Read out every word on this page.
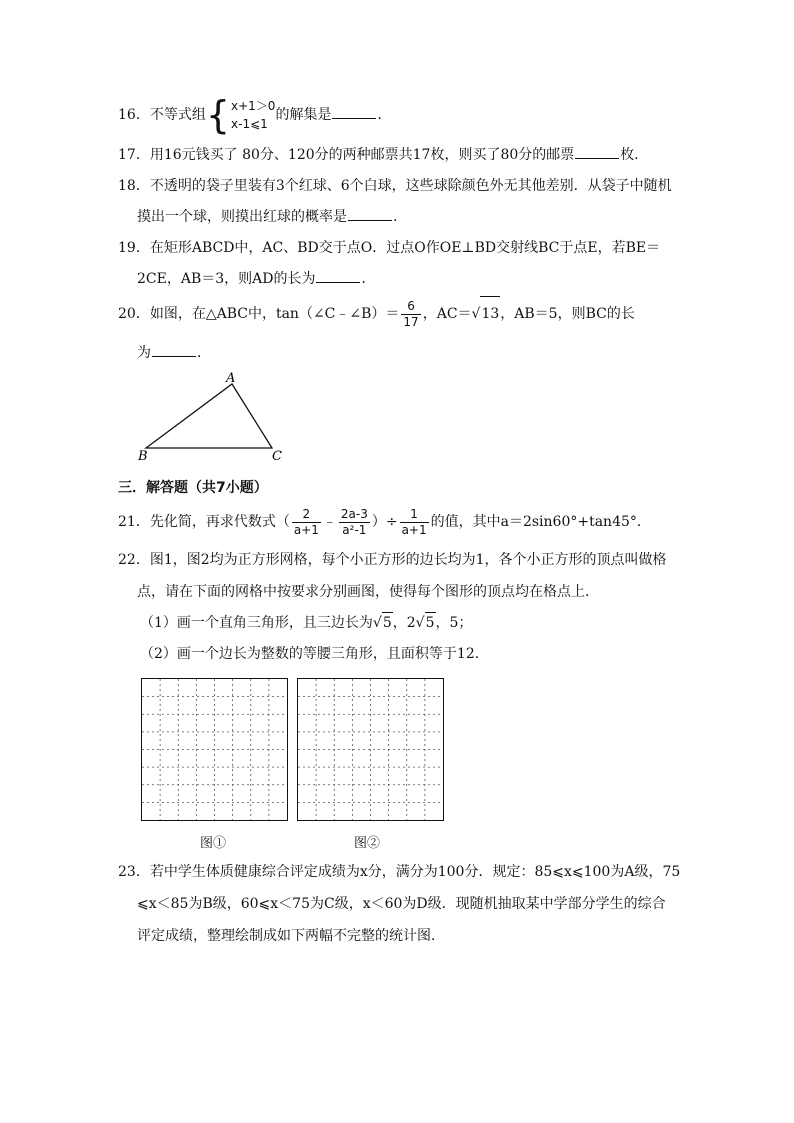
16．不等式组 { x+1＞0
x-1⩽1
的解集是	．
17．用16元钱买了 80分、120分的两种邮票共17枚，则买了80分的邮票	枚．
18．不透明的袋子里装有3个红球、6个白球，这些球除颜色外无其他差别．从袋子中随机
摸出一个球，则摸出红球的概率是	．
19．在矩形ABCD中，AC、BD交于点O．过点O作OE⊥BD交射线BC于点E，若BE＝
2CE，AB＝3，则AD的长为	．
20．如图，在△ABC中，tan（∠C﹣∠B）＝ $\frac{6}{17}$ ，AC＝ √ 13 ，AB＝5，则BC的长
为	．
A
B	C
三．解答题（共7小题）
21．先化简，再求代数式（ $\frac{2}{a+1}$ ﹣ $\frac{2a-3}{\text{a²-1}}$ ）÷ $\frac{1}{a+1}$ 的值，其中a＝2sin60°+tan45°．
22．图1，图2均为正方形网格，每个小正方形的边长均为1，各个小正方形的顶点叫做格
点，请在下面的网格中按要求分别画图，使得每个图形的顶点均在格点上．
（1）画一个直角三角形，且三边长为 √ 5 ，2 √ 5 ，5；
（2）画一个边长为整数的等腰三角形，且面积等于12．
图①	图②
23．若中学生体质健康综合评定成绩为x分，满分为100分．规定：85⩽x⩽100为A级，75
⩽x＜85为B级，60⩽x＜75为C级，x＜60为D级．现随机抽取某中学部分学生的综合
评定成绩，整理绘制成如下两幅不完整的统计图．
